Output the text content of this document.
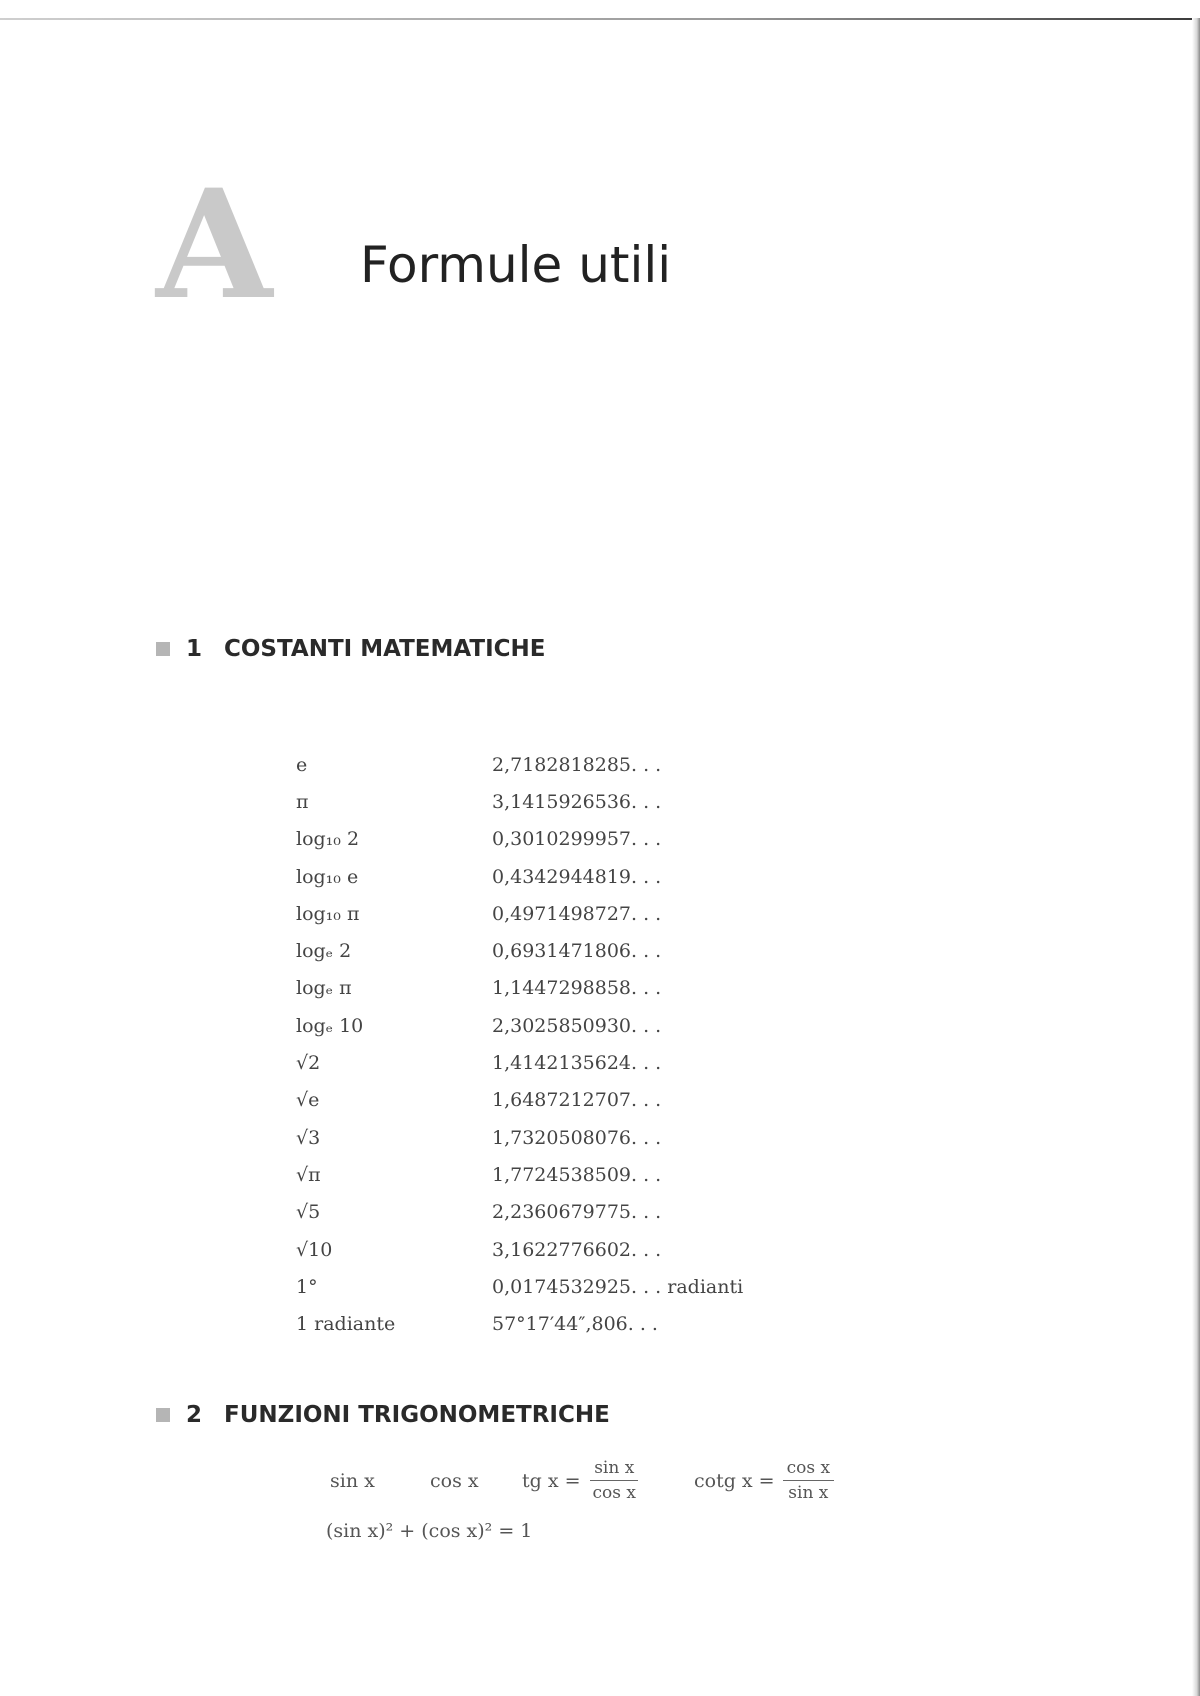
A Formule utili
1 COSTANTI MATEMATICHE
e	2,7182818285. . .
π	3,1415926536. . .
log₁₀ 2	0,3010299957. . .
log₁₀ e	0,4342944819. . .
log₁₀ π	0,4971498727. . .
logₑ 2	0,6931471806. . .
logₑ π	1,1447298858. . .
logₑ 10	2,3025850930. . .
√2	1,4142135624. . .
√e	1,6487212707. . .
√3	1,7320508076. . .
√π	1,7724538509. . .
√5	2,2360679775. . .
√10	3,1622776602. . .
1°	0,0174532925. . . radianti
1 radiante	57°17′44″,806. . .
2 FUNZIONI TRIGONOMETRICHE
sin x	cos x	tg $x = \frac{\text{sin x}}{\text{cos x}}$	cotg $x = \frac{\text{cos x}}{\text{sin x}}$
(sin x)² + (cos x)² = 1
